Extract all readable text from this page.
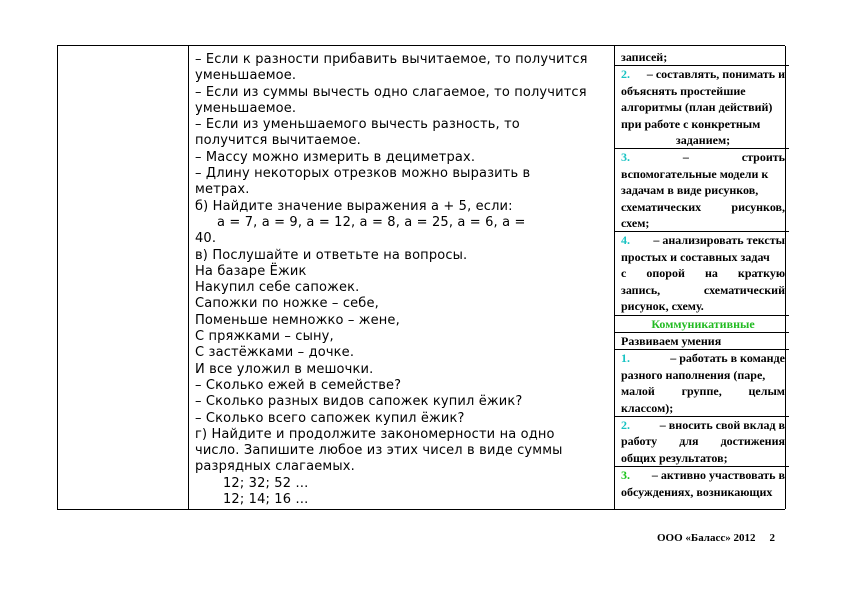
– Если к разности прибавить вычитаемое, то получится
уменьшаемое.
– Если из суммы вычесть одно слагаемое, то получится
уменьшаемое.
– Если из уменьшаемого вычесть разность, то
получится вычитаемое.
– Массу можно измерить в дециметрах.
– Длину некоторых отрезков можно выразить в
метрах.
б) Найдите значение выражения а + 5, если:
а = 7, а = 9, а = 12, а = 8, а = 25, а = 6, а =
40.
в) Послушайте и ответьте на вопросы.
На базаре Ёжик
Накупил себе сапожек.
Сапожки по ножке – себе,
Поменьше немножко – жене,
С пряжками – сыну,
С застёжками – дочке.
И все уложил в мешочки.
– Сколько ежей в семействе?
– Сколько разных видов сапожек купил ёжик?
– Сколько всего сапожек купил ёжик?
г) Найдите и продолжите закономерности на одно
число. Запишите любое из этих чисел в виде суммы
разрядных слагаемых.
12; 32; 52 …
12; 14; 16 …
записей;
2. – составлять, понимать и
объяснять простейшие
алгоритмы (план действий)
при работе с конкретным
заданием;
3.	–	строить
вспомогательные модели к
задачам в виде рисунков,
схематических	рисунков,
схем;
4. – анализировать тексты
простых и составных задач
с опорой на краткую
запись,	схематический
рисунок, схему.
Коммуникативные
Развиваем умения
1.	– работать в команде
разного наполнения (паре,
малой группе, целым
классом);
2. – вносить свой вклад в
работу для достижения
общих результатов;
3. – активно участвовать в
обсуждениях, возникающих
ООО «Баласс» 2012 2
